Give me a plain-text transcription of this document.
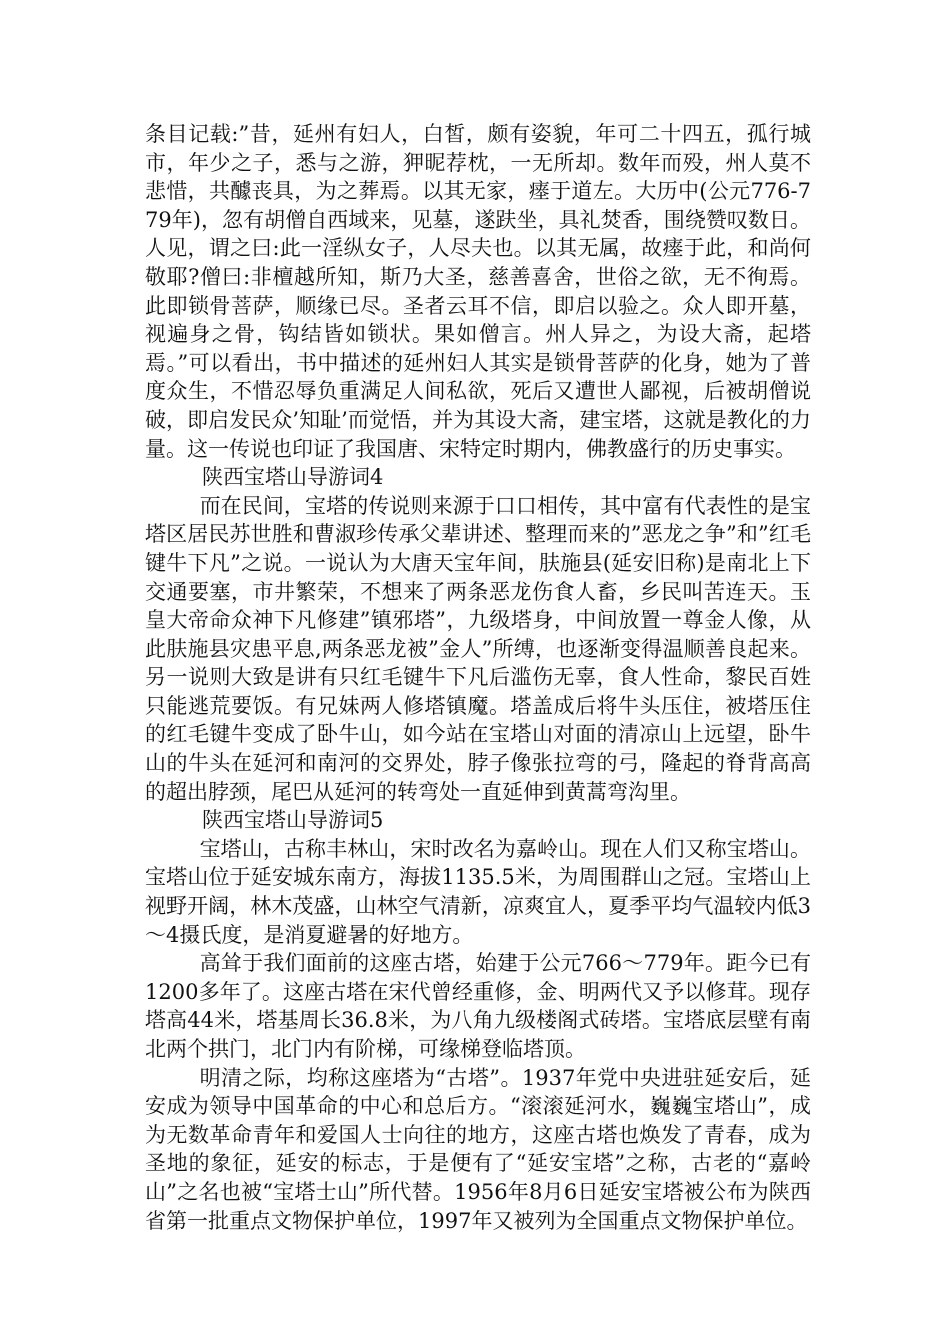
条目记载:”昔，延州有妇人，白皙，颇有姿貌，年可二十四五，孤行城市，年少之子，悉与之游，狎昵荐枕，一无所却。数年而殁，州人莫不悲惜，共醵丧具，为之葬焉。以其无家，瘗于道左。大历中(公元776-779年)，忽有胡僧自西域来，见墓，遂趺坐，具礼焚香，围绕赞叹数日。人见，谓之曰:此一淫纵女子，人尽夫也。以其无属，故瘗于此，和尚何敬耶?僧曰:非檀越所知，斯乃大圣，慈善喜舍，世俗之欲，无不徇焉。此即锁骨菩萨，顺缘已尽。圣者云耳不信，即启以验之。众人即开墓，视遍身之骨，钩结皆如锁状。果如僧言。州人异之，为设大斋，起塔焉。”可以看出，书中描述的延州妇人其实是锁骨菩萨的化身，她为了普度众生，不惜忍辱负重满足人间私欲，死后又遭世人鄙视，后被胡僧说破，即启发民众’知耻’而觉悟，并为其设大斋，建宝塔，这就是教化的力量。这一传说也印证了我国唐、宋特定时期内，佛教盛行的历史事实。

陕西宝塔山导游词4

而在民间，宝塔的传说则来源于口口相传，其中富有代表性的是宝塔区居民苏世胜和曹淑珍传承父辈讲述、整理而来的”恶龙之争”和”红毛键牛下凡”之说。一说认为大唐天宝年间，肤施县(延安旧称)是南北上下交通要塞，市井繁荣，不想来了两条恶龙伤食人畜，乡民叫苦连天。玉皇大帝命众神下凡修建”镇邪塔”，九级塔身，中间放置一尊金人像，从此肤施县灾患平息,两条恶龙被”金人”所缚，也逐渐变得温顺善良起来。另一说则大致是讲有只红毛键牛下凡后滥伤无辜，食人性命，黎民百姓只能逃荒要饭。有兄妹两人修塔镇魔。塔盖成后将牛头压住，被塔压住的红毛键牛变成了卧牛山，如今站在宝塔山对面的清凉山上远望，卧牛山的牛头在延河和南河的交界处，脖子像张拉弯的弓，隆起的脊背高高的超出脖颈，尾巴从延河的转弯处一直延伸到黄蒿弯沟里。

陕西宝塔山导游词5

宝塔山，古称丰林山，宋时改名为嘉岭山。现在人们又称宝塔山。宝塔山位于延安城东南方，海拔1135.5米，为周围群山之冠。宝塔山上视野开阔，林木茂盛，山林空气清新，凉爽宜人，夏季平均气温较内低3～4摄氏度，是消夏避暑的好地方。

高耸于我们面前的这座古塔，始建于公元766～779年。距今已有1200多年了。这座古塔在宋代曾经重修，金、明两代又予以修茸。现存塔高44米，塔基周长36.8米，为八角九级楼阁式砖塔。宝塔底层壁有南北两个拱门，北门内有阶梯，可缘梯登临塔顶。

明清之际，均称这座塔为“古塔”。1937年党中央进驻延安后，延安成为领导中国革命的中心和总后方。“滚滚延河水，巍巍宝塔山”，成为无数革命青年和爱国人士向往的地方，这座古塔也焕发了青春，成为圣地的象征，延安的标志，于是便有了“延安宝塔”之称，古老的“嘉岭山”之名也被“宝塔士山”所代替。1956年8月6日延安宝塔被公布为陕西省第一批重点文物保护单位，1997年又被列为全国重点文物保护单位。
